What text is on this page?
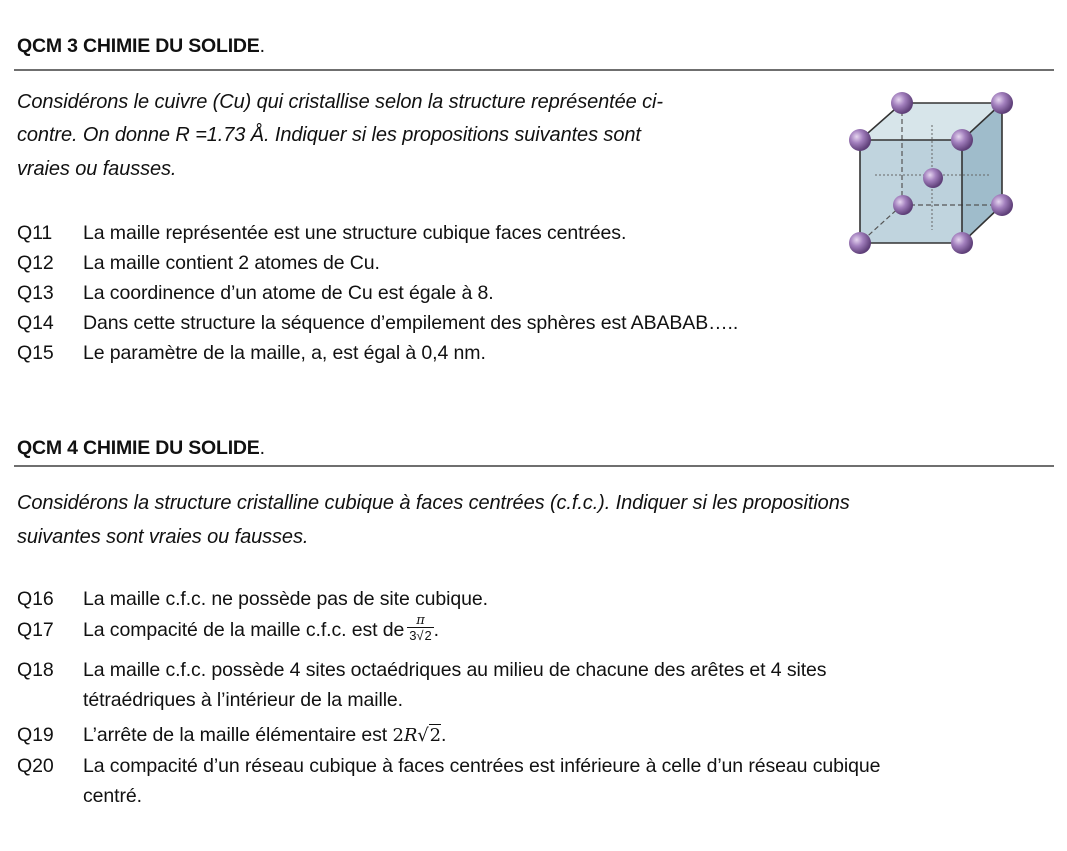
QCM 3 CHIMIE DU SOLIDE.
Considérons le cuivre (Cu) qui cristallise selon la structure représentée ci-
contre. On donne R =1.73 Å. Indiquer si les propositions suivantes sont
vraies ou fausses.
Q11 La maille représentée est une structure cubique faces centrées.
Q12 La maille contient 2 atomes de Cu.
Q13 La coordinence d’un atome de Cu est égale à 8.
Q14 Dans cette structure la séquence d’empilement des sphères est ABABAB…..
Q15 Le paramètre de la maille, a, est égal à 0,4 nm.
QCM 4 CHIMIE DU SOLIDE.
Considérons la structure cristalline cubique à faces centrées (c.f.c.). Indiquer si les propositions
suivantes sont vraies ou fausses.
Q16 La maille c.f.c. ne possède pas de site cubique.
Q17 La compacité de la maille c.f.c. est de $\frac{\pi}{3√2}$ .
Q18 La maille c.f.c. possède 4 sites octaédriques au milieu de chacune des arêtes et 4 sites
tétraédriques à l’intérieur de la maille.
Q19 L’arrête de la maille élémentaire est 2R√2.
Q20 La compacité d’un réseau cubique à faces centrées est inférieure à celle d’un réseau cubique
centré.
